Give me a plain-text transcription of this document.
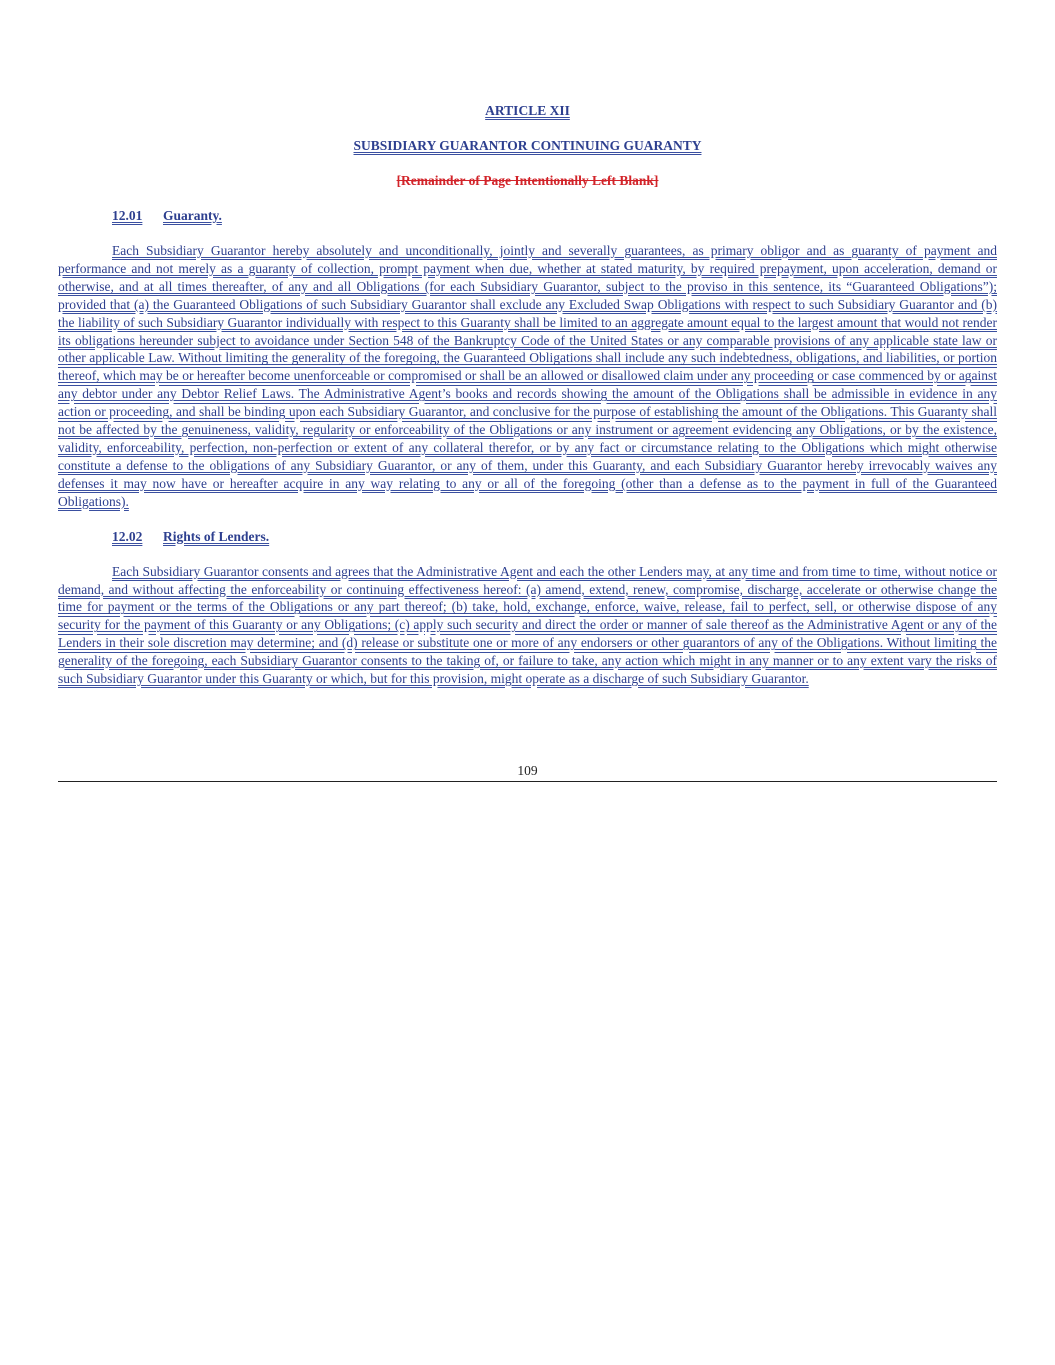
ARTICLE XII

SUBSIDIARY GUARANTOR CONTINUING GUARANTY

[Remainder of Page Intentionally Left Blank]

12.01 Guaranty.

Each Subsidiary Guarantor hereby absolutely and unconditionally, jointly and severally guarantees, as primary obligor and as guaranty of payment and performance and not merely as a guaranty of collection, prompt payment when due, whether at stated maturity, by required prepayment, upon acceleration, demand or otherwise, and at all times thereafter, of any and all Obligations (for each Subsidiary Guarantor, subject to the proviso in this sentence, its “Guaranteed Obligations”); provided that (a) the Guaranteed Obligations of such Subsidiary Guarantor shall exclude any Excluded Swap Obligations with respect to such Subsidiary Guarantor and (b) the liability of such Subsidiary Guarantor individually with respect to this Guaranty shall be limited to an aggregate amount equal to the largest amount that would not render its obligations hereunder subject to avoidance under Section 548 of the Bankruptcy Code of the United States or any comparable provisions of any applicable state law or other applicable Law. Without limiting the generality of the foregoing, the Guaranteed Obligations shall include any such indebtedness, obligations, and liabilities, or portion thereof, which may be or hereafter become unenforceable or compromised or shall be an allowed or disallowed claim under any proceeding or case commenced by or against any debtor under any Debtor Relief Laws. The Administrative Agent’s books and records showing the amount of the Obligations shall be admissible in evidence in any action or proceeding, and shall be binding upon each Subsidiary Guarantor, and conclusive for the purpose of establishing the amount of the Obligations. This Guaranty shall not be affected by the genuineness, validity, regularity or enforceability of the Obligations or any instrument or agreement evidencing any Obligations, or by the existence, validity, enforceability, perfection, non-perfection or extent of any collateral therefor, or by any fact or circumstance relating to the Obligations which might otherwise constitute a defense to the obligations of any Subsidiary Guarantor, or any of them, under this Guaranty, and each Subsidiary Guarantor hereby irrevocably waives any defenses it may now have or hereafter acquire in any way relating to any or all of the foregoing (other than a defense as to the payment in full of the Guaranteed Obligations).

12.02 Rights of Lenders.

Each Subsidiary Guarantor consents and agrees that the Administrative Agent and each the other Lenders may, at any time and from time to time, without notice or demand, and without affecting the enforceability or continuing effectiveness hereof: (a) amend, extend, renew, compromise, discharge, accelerate or otherwise change the time for payment or the terms of the Obligations or any part thereof; (b) take, hold, exchange, enforce, waive, release, fail to perfect, sell, or otherwise dispose of any security for the payment of this Guaranty or any Obligations; (c) apply such security and direct the order or manner of sale thereof as the Administrative Agent or any of the Lenders in their sole discretion may determine; and (d) release or substitute one or more of any endorsers or other guarantors of any of the Obligations. Without limiting the generality of the foregoing, each Subsidiary Guarantor consents to the taking of, or failure to take, any action which might in any manner or to any extent vary the risks of such Subsidiary Guarantor under this Guaranty or which, but for this provision, might operate as a discharge of such Subsidiary Guarantor.

109
